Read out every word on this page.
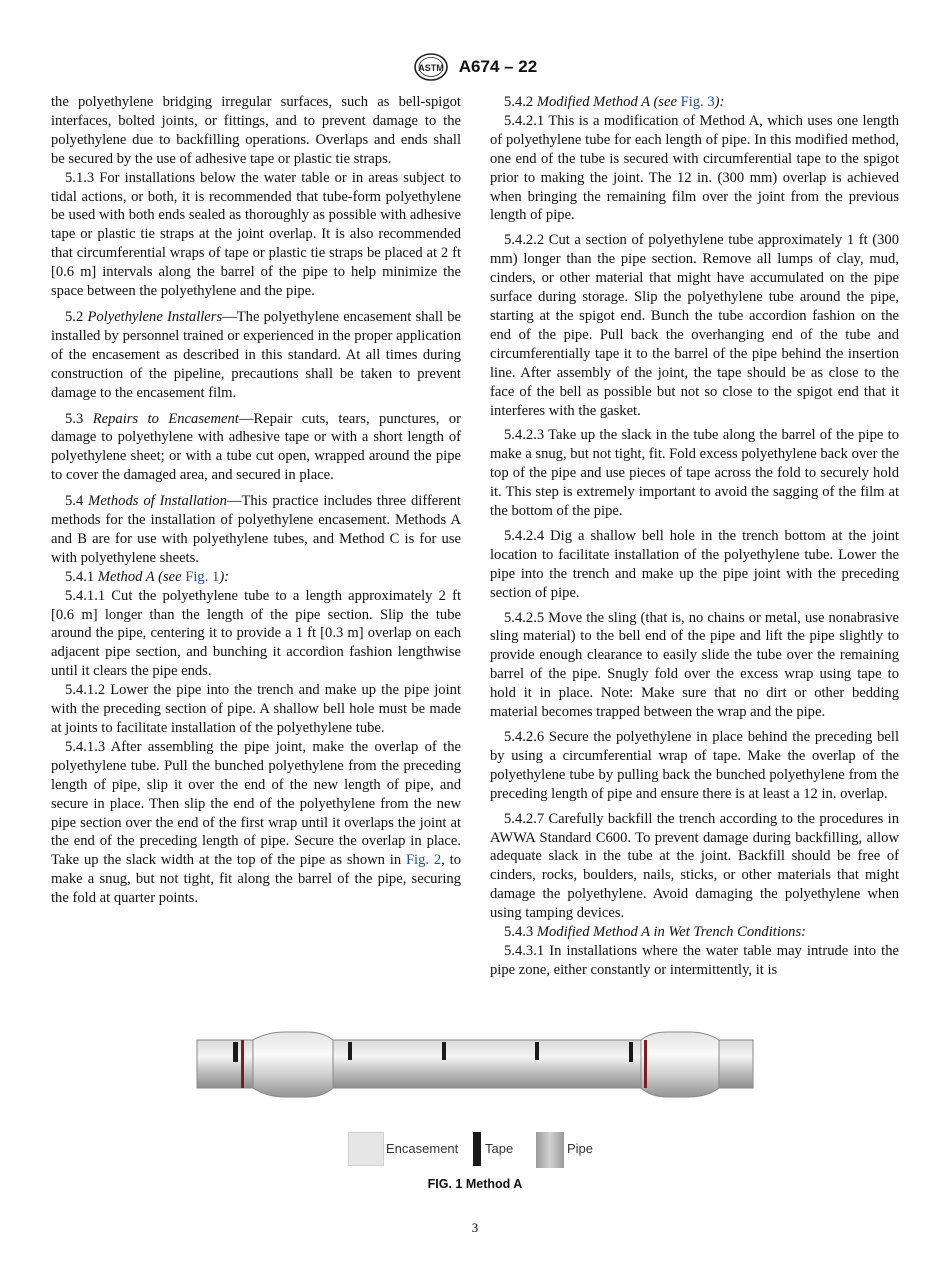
ASTM A674 – 22

the polyethylene bridging irregular surfaces, such as bell-spigot interfaces, bolted joints, or fittings, and to prevent damage to the polyethylene due to backfilling operations. Overlaps and ends shall be secured by the use of adhesive tape or plastic tie straps.

5.1.3 For installations below the water table or in areas subject to tidal actions, or both, it is recommended that tube-form polyethylene be used with both ends sealed as thoroughly as possible with adhesive tape or plastic tie straps at the joint overlap. It is also recommended that circumferential wraps of tape or plastic tie straps be placed at 2 ft [0.6 m] intervals along the barrel of the pipe to help minimize the space between the polyethylene and the pipe.

5.2 Polyethylene Installers—The polyethylene encasement shall be installed by personnel trained or experienced in the proper application of the encasement as described in this standard. At all times during construction of the pipeline, precautions shall be taken to prevent damage to the encasement film.

5.3 Repairs to Encasement—Repair cuts, tears, punctures, or damage to polyethylene with adhesive tape or with a short length of polyethylene sheet; or with a tube cut open, wrapped around the pipe to cover the damaged area, and secured in place.

5.4 Methods of Installation—This practice includes three different methods for the installation of polyethylene encasement. Methods A and B are for use with polyethylene tubes, and Method C is for use with polyethylene sheets.

5.4.1 Method A (see Fig. 1):

5.4.1.1 Cut the polyethylene tube to a length approximately 2 ft [0.6 m] longer than the length of the pipe section. Slip the tube around the pipe, centering it to provide a 1 ft [0.3 m] overlap on each adjacent pipe section, and bunching it accordion fashion lengthwise until it clears the pipe ends.

5.4.1.2 Lower the pipe into the trench and make up the pipe joint with the preceding section of pipe. A shallow bell hole must be made at joints to facilitate installation of the polyethylene tube.

5.4.1.3 After assembling the pipe joint, make the overlap of the polyethylene tube. Pull the bunched polyethylene from the preceding length of pipe, slip it over the end of the new length of pipe, and secure in place. Then slip the end of the polyethylene from the new pipe section over the end of the first wrap until it overlaps the joint at the end of the preceding length of pipe. Secure the overlap in place. Take up the slack width at the top of the pipe as shown in Fig. 2, to make a snug, but not tight, fit along the barrel of the pipe, securing the fold at quarter points.

5.4.2 Modified Method A (see Fig. 3):

5.4.2.1 This is a modification of Method A, which uses one length of polyethylene tube for each length of pipe. In this modified method, one end of the tube is secured with circumferential tape to the spigot prior to making the joint. The 12 in. (300 mm) overlap is achieved when bringing the remaining film over the joint from the previous length of pipe.

5.4.2.2 Cut a section of polyethylene tube approximately 1 ft (300 mm) longer than the pipe section. Remove all lumps of clay, mud, cinders, or other material that might have accumulated on the pipe surface during storage. Slip the polyethylene tube around the pipe, starting at the spigot end. Bunch the tube accordion fashion on the end of the pipe. Pull back the overhanging end of the tube and circumferentially tape it to the barrel of the pipe behind the insertion line. After assembly of the joint, the tape should be as close to the face of the bell as possible but not so close to the spigot end that it interferes with the gasket.

5.4.2.3 Take up the slack in the tube along the barrel of the pipe to make a snug, but not tight, fit. Fold excess polyethylene back over the top of the pipe and use pieces of tape across the fold to securely hold it. This step is extremely important to avoid the sagging of the film at the bottom of the pipe.

5.4.2.4 Dig a shallow bell hole in the trench bottom at the joint location to facilitate installation of the polyethylene tube. Lower the pipe into the trench and make up the pipe joint with the preceding section of pipe.

5.4.2.5 Move the sling (that is, no chains or metal, use nonabrasive sling material) to the bell end of the pipe and lift the pipe slightly to provide enough clearance to easily slide the tube over the remaining barrel of the pipe. Snugly fold over the excess wrap using tape to hold it in place. Note: Make sure that no dirt or other bedding material becomes trapped between the wrap and the pipe.

5.4.2.6 Secure the polyethylene in place behind the preceding bell by using a circumferential wrap of tape. Make the overlap of the polyethylene tube by pulling back the bunched polyethylene from the preceding length of pipe and ensure there is at least a 12 in. overlap.

5.4.2.7 Carefully backfill the trench according to the procedures in AWWA Standard C600. To prevent damage during backfilling, allow adequate slack in the tube at the joint. Backfill should be free of cinders, rocks, boulders, nails, sticks, or other materials that might damage the polyethylene. Avoid damaging the polyethylene when using tamping devices.

5.4.3 Modified Method A in Wet Trench Conditions:

5.4.3.1 In installations where the water table may intrude into the pipe zone, either constantly or intermittently, it is

Encasement Tape	Pipe
FIG. 1 Method A
3
